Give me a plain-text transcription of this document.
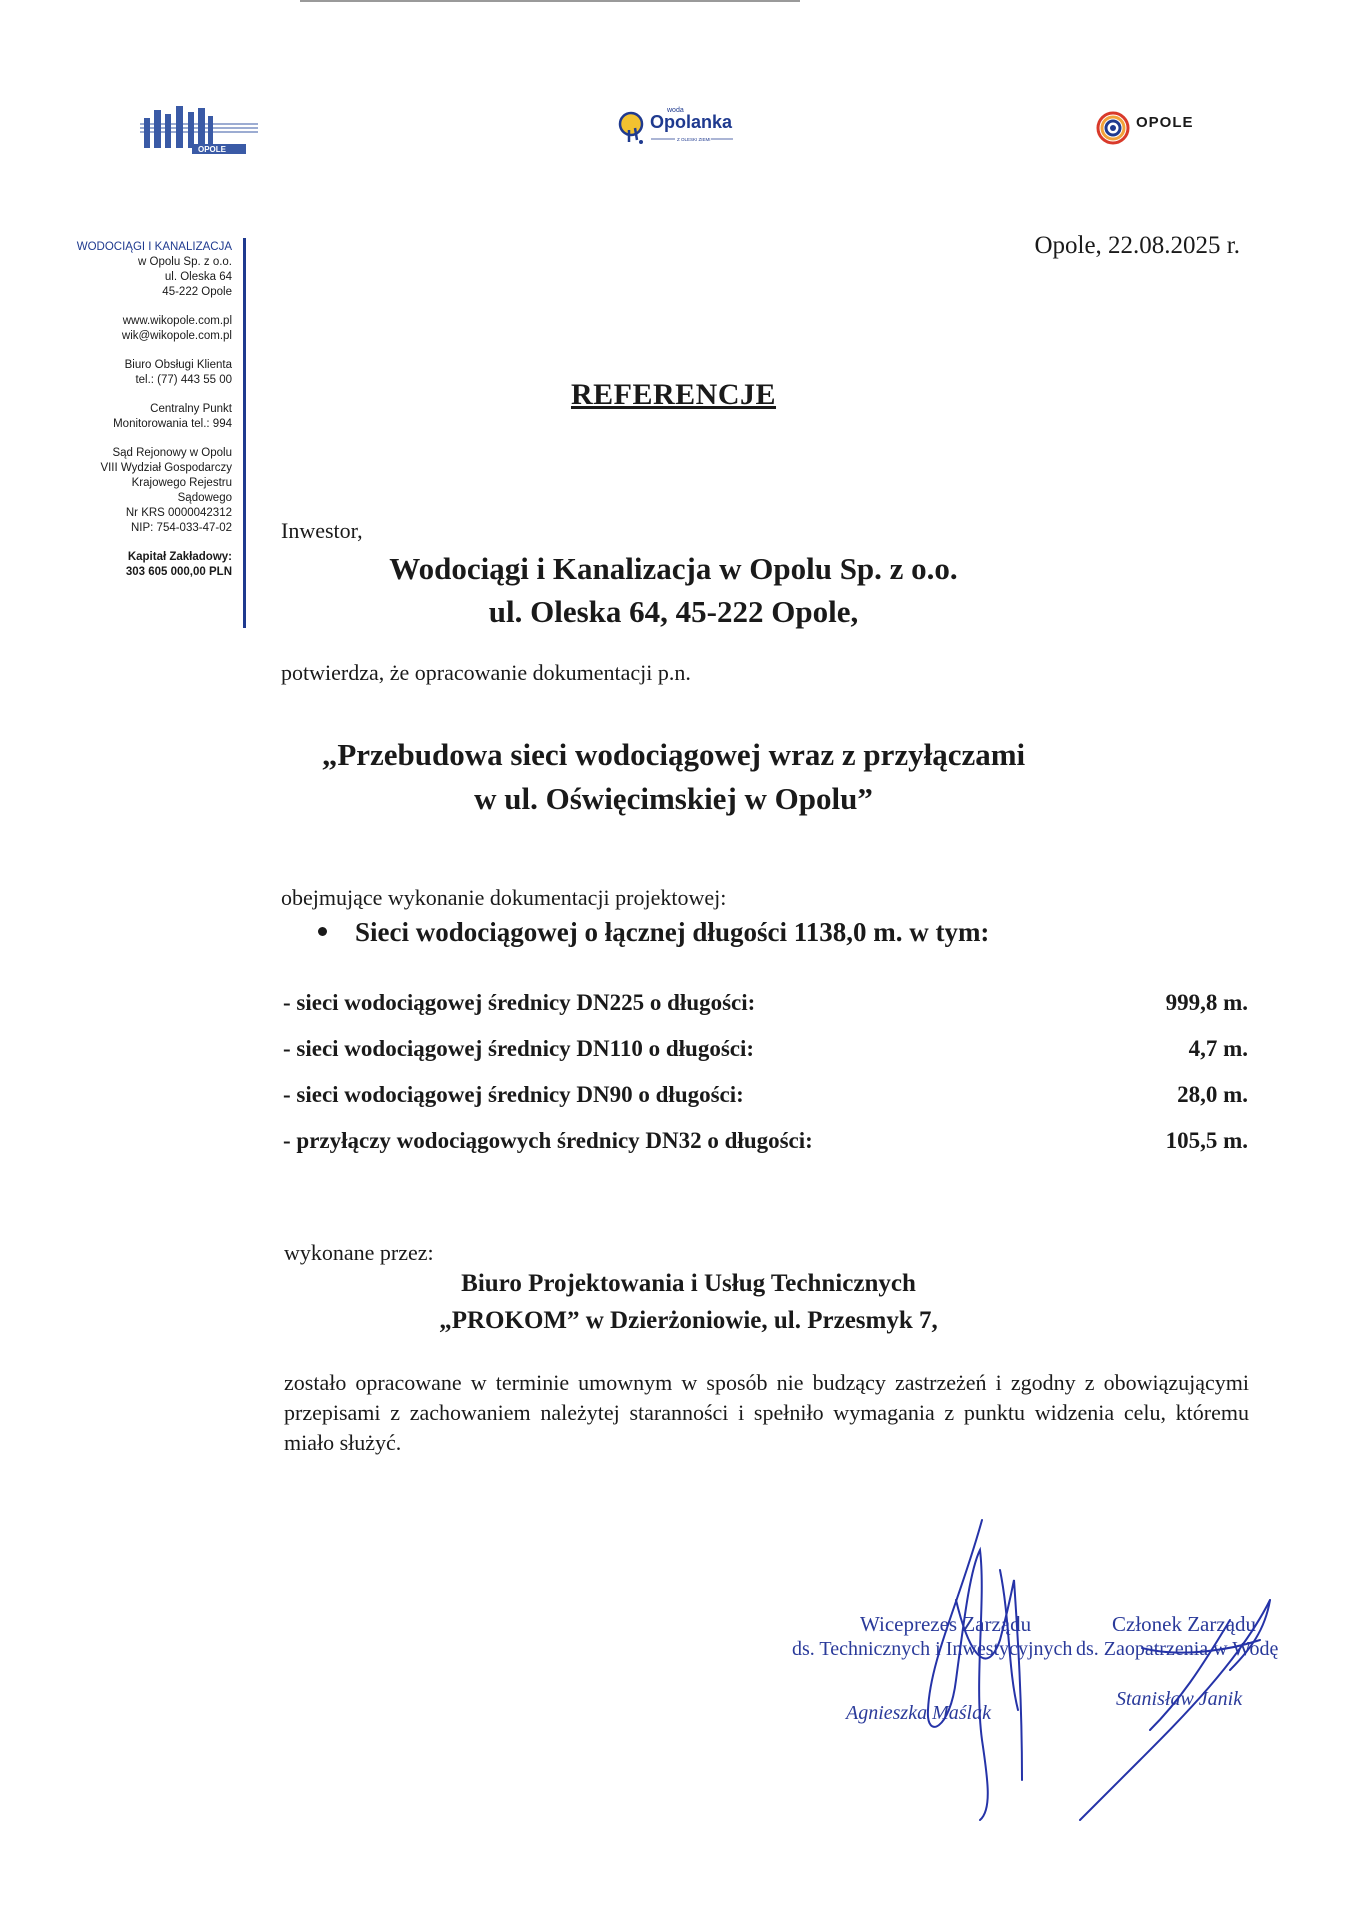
OPOLE
woda
Opolanka
Z OLESKI ZIEMI
OPOLE
WODOCIĄGI I KANALIZACJA
w Opolu Sp. z o.o.
ul. Oleska 64
45-222 Opole
www.wikopole.com.pl
wik@wikopole.com.pl
Biuro Obsługi Klienta
tel.: (77) 443 55 00
Centralny Punkt
Monitorowania tel.: 994
Sąd Rejonowy w Opolu
VIII Wydział Gospodarczy
Krajowego Rejestru
Sądowego
Nr KRS 0000042312
NIP: 754-033-47-02
Kapitał Zakładowy:
303 605 000,00 PLN
Opole, 22.08.2025 r.
REFERENCJE
Inwestor,
Wodociągi i Kanalizacja w Opolu Sp. z o.o.
ul. Oleska 64, 45-222 Opole,
potwierdza, że opracowanie dokumentacji p.n.
„Przebudowa sieci wodociągowej wraz z przyłączami
w ul. Oświęcimskiej w Opolu”
obejmujące wykonanie dokumentacji projektowej:
Sieci wodociągowej o łącznej długości 1138,0 m. w tym:
- sieci wodociągowej średnicy DN225 o długości:	999,8 m.
- sieci wodociągowej średnicy DN110 o długości:	4,7 m.
- sieci wodociągowej średnicy DN90 o długości:	28,0 m.
- przyłączy wodociągowych średnicy DN32 o długości:	105,5 m.
wykonane przez:
Biuro Projektowania i Usług Technicznych
„PROKOM” w Dzierżoniowie, ul. Przesmyk 7,
zostało opracowane w terminie umownym w sposób nie budzący zastrzeżeń i zgodny z obowiązującymi przepisami z zachowaniem należytej staranności i spełniło wymagania z punktu widzenia celu, któremu miało służyć.
Wiceprezes Zarządu
ds. Technicznych i Inwestycyjnych
Agnieszka Maślak
Członek Zarządu
ds. Zaopatrzenia w Wodę
Stanisław Janik
